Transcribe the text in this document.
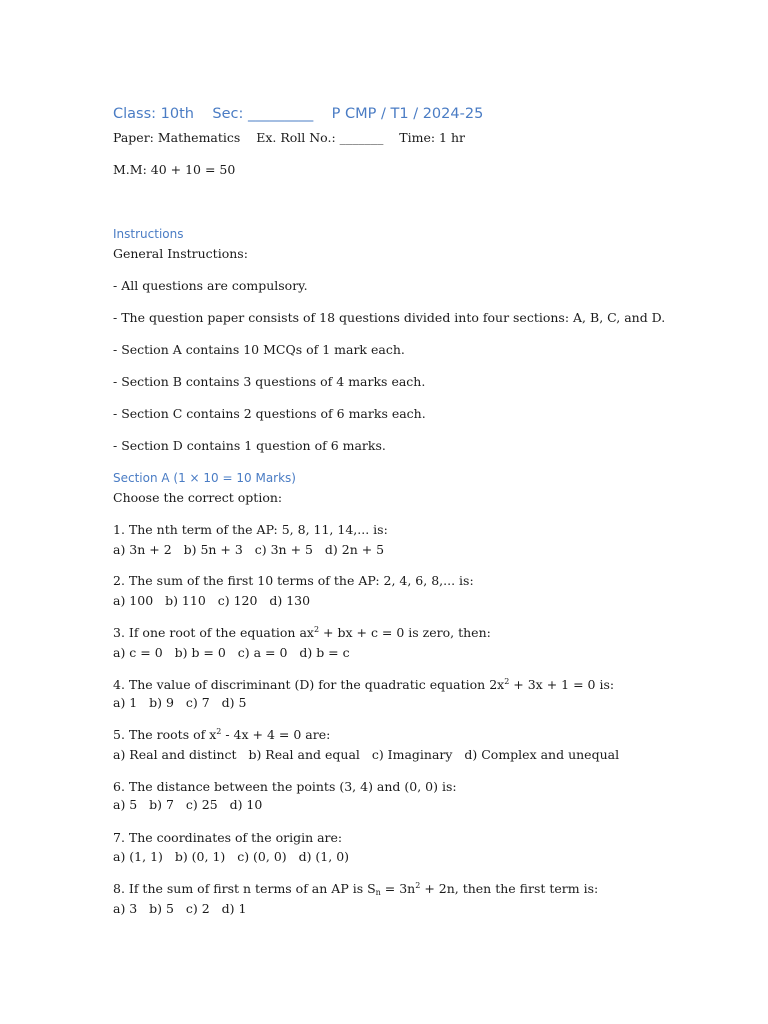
Class: 10th    Sec: _________    P CMP / T1 / 2024-25
Paper: Mathematics    Ex. Roll No.: _______    Time: 1 hr
M.M: 40 + 10 = 50
Instructions
General Instructions:
- All questions are compulsory.
- The question paper consists of 18 questions divided into four sections: A, B, C, and D.
- Section A contains 10 MCQs of 1 mark each.
- Section B contains 3 questions of 4 marks each.
- Section C contains 2 questions of 6 marks each.
- Section D contains 1 question of 6 marks.
Section A (1 × 10 = 10 Marks)
Choose the correct option:
1. The nth term of the AP: 5, 8, 11, 14,... is:
a) 3n + 2   b) 5n + 3   c) 3n + 5   d) 2n + 5
2. The sum of the first 10 terms of the AP: 2, 4, 6, 8,... is:
a) 100   b) 110   c) 120   d) 130
3. If one root of the equation $ax^2$ + bx + c = 0 is zero, then:
a) c = 0   b) b = 0   c) a = 0   d) b = c
4. The value of discriminant (D) for the quadratic equation $2x^2 + 3x + 1 = 0$ is:
a) 1   b) 9   c) 7   d) 5
5. The roots of $x^2 - 4x + 4 = 0$ are:
a) Real and distinct   b) Real and equal   c) Imaginary   d) Complex and unequal
6. The distance between the points (3, 4) and (0, 0) is:
a) 5   b) 7   c) 25   d) 10
7. The coordinates of the origin are:
a) (1, 1)   b) (0, 1)   c) (0, 0)   d) (1, 0)
8. If the sum of first n terms of an AP is $S_n = 3n^2 + 2n$, then the first term is:
a) 3   b) 5   c) 2   d) 1
